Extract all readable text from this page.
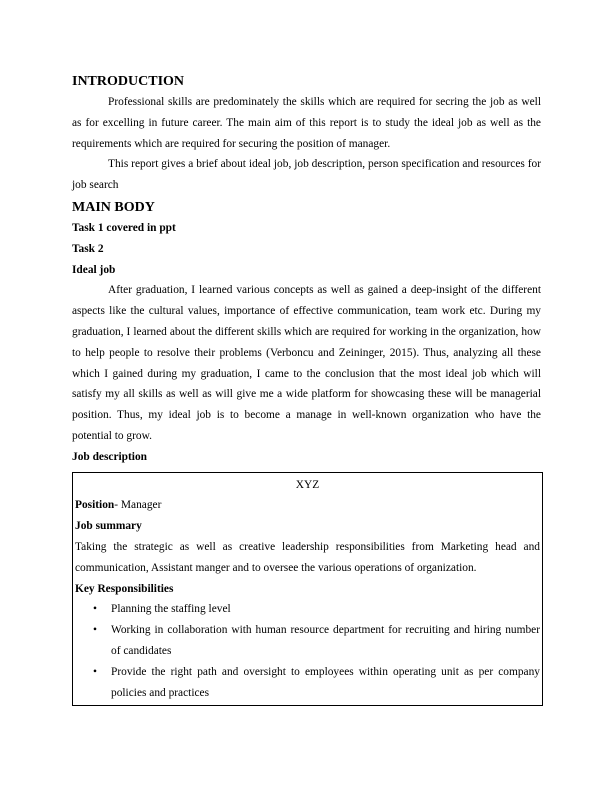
INTRODUCTION

Professional skills are predominately the skills which are required for secring the job as well as for excelling in future career. The main aim of this report is to study the ideal job as well as the requirements which are required for securing the position of manager.

This report gives a brief about ideal job, job description, person specification and resources for job search

MAIN BODY

Task 1 covered in ppt

Task 2

Ideal job

After graduation, I learned various concepts as well as gained a deep-insight of the different aspects like the cultural values, importance of effective communication, team work etc. During my graduation, I learned about the different skills which are required for working in the organization, how to help people to resolve their problems (Verboncu and Zeininger, 2015). Thus, analyzing all these which I gained during my graduation, I came to the conclusion that the most ideal job which will satisfy my all skills as well as will give me a wide platform for showcasing these will be managerial position. Thus, my ideal job is to become a manage in well-known organization who have the potential to grow.

Job description

XYZ

Position- Manager

Job summary

Taking the strategic as well as creative leadership responsibilities from Marketing head and communication, Assistant manger and to oversee the various operations of organization.

Key Responsibilities

• Planning the staffing level
• Working in collaboration with human resource department for recruiting and hiring number of candidates
• Provide the right path and oversight to employees within operating unit as per company policies and practices
